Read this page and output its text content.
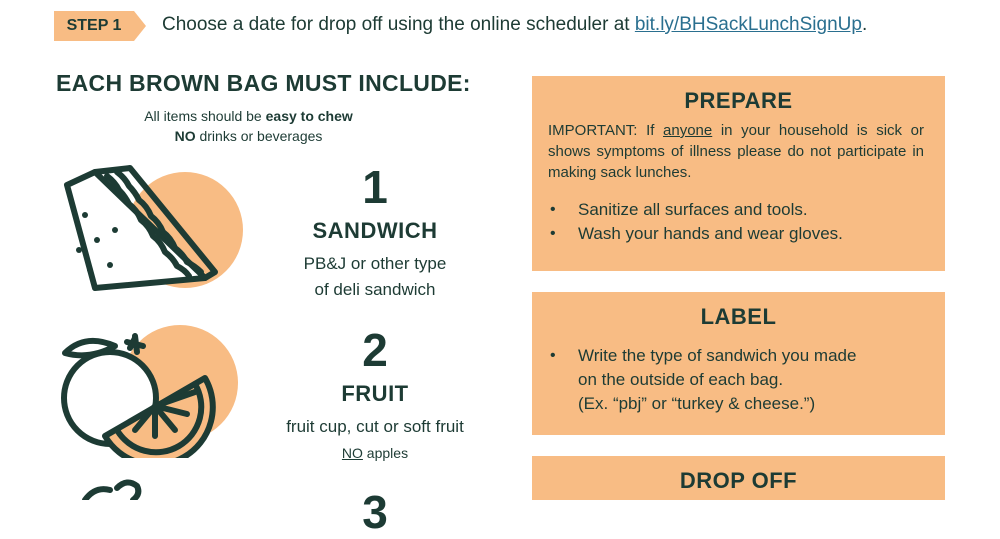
STEP 1	Choose a date for drop off using the online scheduler at bit.ly/BHSackLunchSignUp.
EACH BROWN BAG MUST INCLUDE:
All items should be easy to chew
NO drinks or beverages
1
SANDWICH
PB&J or other type
of deli sandwich
2
FRUIT
fruit cup, cut or soft fruit
NO apples
3
PREPARE
IMPORTANT: If anyone in your household is sick or shows symptoms of illness please do not participate in making sack lunches.
• Sanitize all surfaces and tools.
• Wash your hands and wear gloves.
LABEL
• Write the type of sandwich you made
on the outside of each bag.
(Ex. “pbj” or “turkey & cheese.”)
DROP OFF
